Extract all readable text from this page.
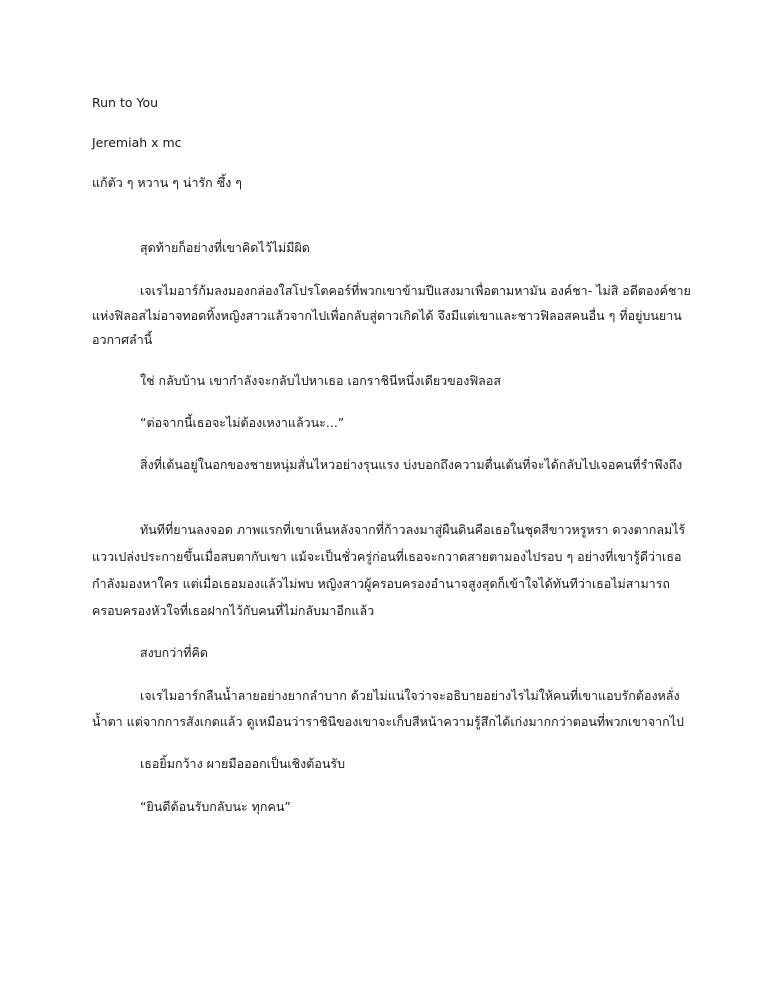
Run to You
Jeremiah x mc
แก้ตัว ๆ หวาน ๆ น่ารัก ซึ้ง ๆ
สุดท้ายก็อย่างที่เขาคิดไว้ไม่มีผิด
เจเรไมอาร์ก้มลงมองกล่องใสโปรโตคอร์ที่พวกเขาข้ามปีแสงมาเพื่อตามหามัน องค์ชา- ไม่สิ อดีตองค์ชาย
แห่งฟิลอสไม่อาจทอดทิ้งหญิงสาวแล้วจากไปเพื่อกลับสู่ดาวเกิดได้ จึงมีแต่เขาและชาวฟิลอสคนอื่น ๆ ที่อยู่บนยาน
อวกาศลำนี้
ใช่ กลับบ้าน เขากำลังจะกลับไปหาเธอ เอกราชินีหนึ่งเดียวของฟิลอส
“ต่อจากนี้เธอจะไม่ต้องเหงาแล้วนะ...”
สิ่งที่เต้นอยู่ในอกของชายหนุ่มสั่นไหวอย่างรุนแรง บ่งบอกถึงความตื่นเต้นที่จะได้กลับไปเจอคนที่รำพึงถึง
ทันทีที่ยานลงจอด ภาพแรกที่เขาเห็นหลังจากที่ก้าวลงมาสู่ผืนดินคือเธอในชุดสีขาวหรูหรา ดวงตากลมไร้
แววเปล่งประกายขึ้นเมื่อสบตากับเขา แม้จะเป็นชั่วครู่ก่อนที่เธอจะกวาดสายตามองไปรอบ ๆ อย่างที่เขารู้ดีว่าเธอ
กำลังมองหาใคร แต่เมื่อเธอมองแล้วไม่พบ หญิงสาวผู้ครอบครองอำนาจสูงสุดก็เข้าใจได้ทันทีว่าเธอไม่สามารถ
ครอบครองหัวใจที่เธอฝากไว้กับคนที่ไม่กลับมาอีกแล้ว
สงบกว่าที่คิด
เจเรไมอาร์กลืนน้ำลายอย่างยากลำบาก ด้วยไม่แน่ใจว่าจะอธิบายอย่างไรไม่ให้คนที่เขาแอบรักต้องหลั่ง
น้ำตา แต่จากการสังเกตแล้ว ดูเหมือนว่าราชินีของเขาจะเก็บสีหน้าความรู้สึกได้เก่งมากกว่าตอนที่พวกเขาจากไป
เธอยิ้มกว้าง ผายมือออกเป็นเชิงต้อนรับ
“ยินดีต้อนรับกลับนะ ทุกคน”
